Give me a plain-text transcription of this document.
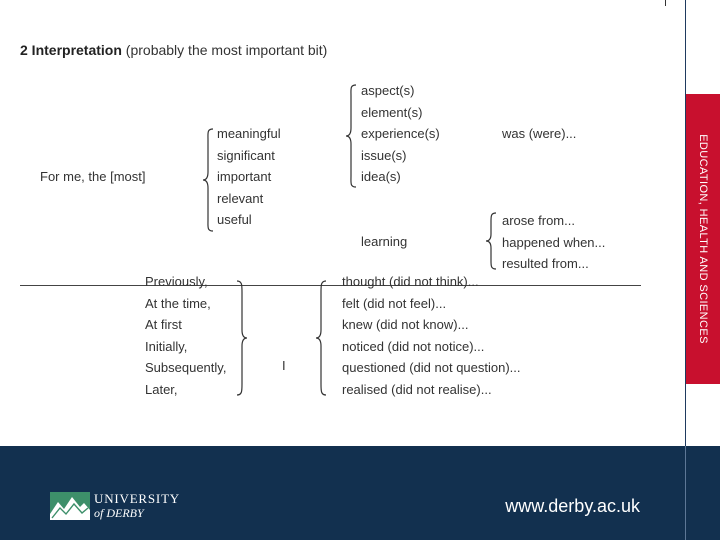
2 Interpretation (probably the most important bit)
For me, the [most]
meaningful
significant
important
relevant
useful
aspect(s)
element(s)
experience(s)
issue(s)
idea(s)
was (were)...
learning
arose from...
happened when...
resulted from...
Previously,
At the time,
At first
Initially,
Subsequently,
Later,
I
thought (did not think)...
felt (did not feel)...
knew (did not know)...
noticed (did not notice)...
questioned (did not question)...
realised (did not realise)...
EDUCATION, HEALTH AND SCIENCES
UNIVERSITY
of DERBY	www.derby.ac.uk
